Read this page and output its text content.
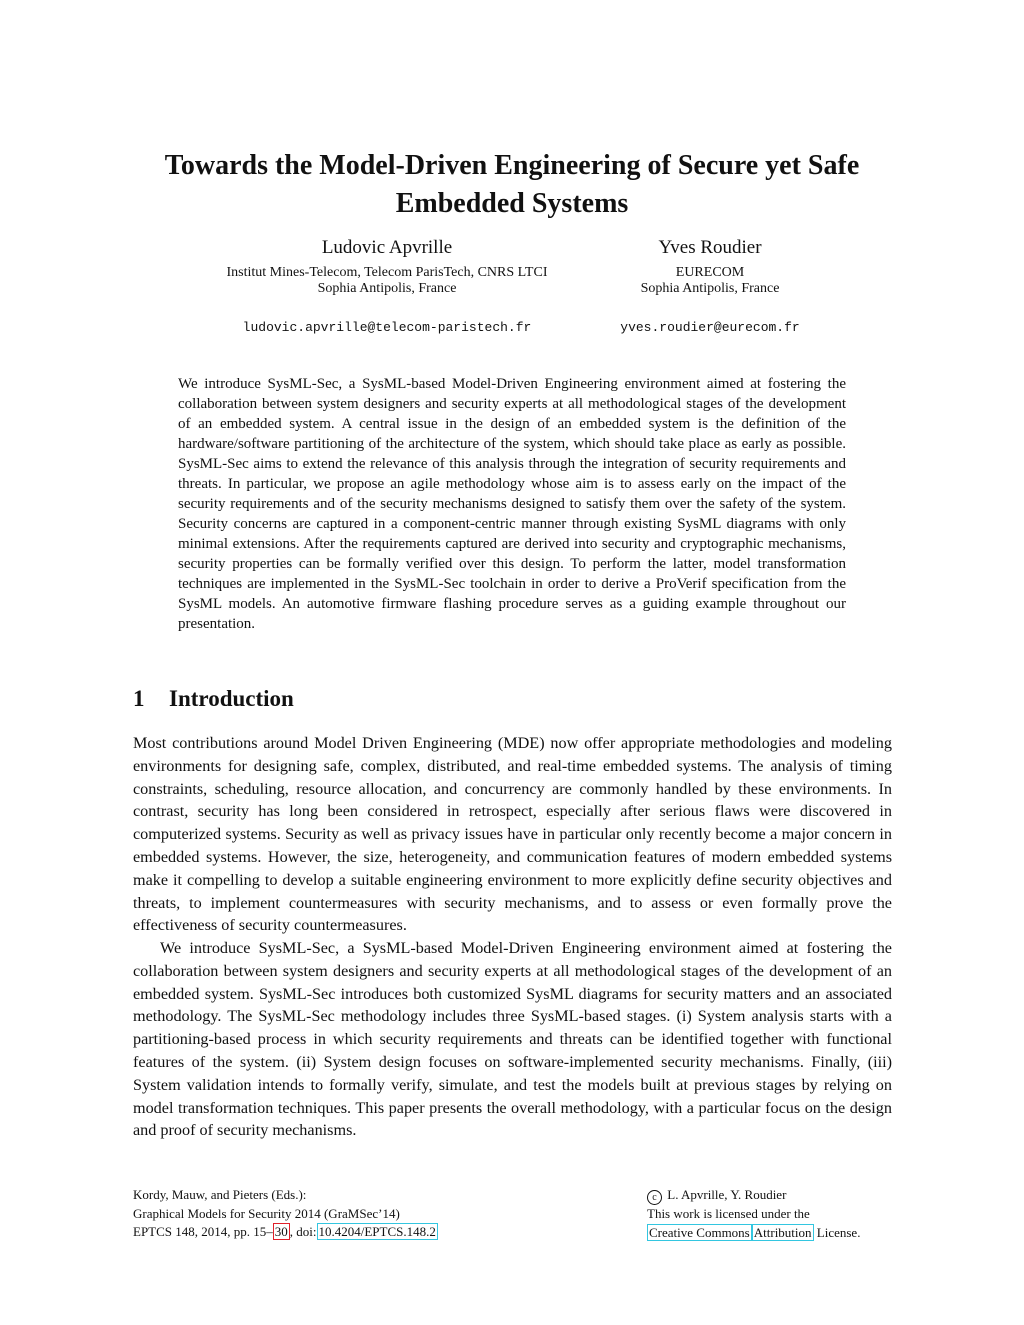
Towards the Model-Driven Engineering of Secure yet Safe Embedded Systems
Ludovic Apvrille
Institut Mines-Telecom, Telecom ParisTech, CNRS LTCI
Sophia Antipolis, France
ludovic.apvrille@telecom-paristech.fr
Yves Roudier
EURECOM
Sophia Antipolis, France
yves.roudier@eurecom.fr

We introduce SysML-Sec, a SysML-based Model-Driven Engineering environment aimed at fostering the collaboration between system designers and security experts at all methodological stages of the development of an embedded system. A central issue in the design of an embedded system is the definition of the hardware/software partitioning of the architecture of the system, which should take place as early as possible. SysML-Sec aims to extend the relevance of this analysis through the integration of security requirements and threats. In particular, we propose an agile methodology whose aim is to assess early on the impact of the security requirements and of the security mechanisms designed to satisfy them over the safety of the system. Security concerns are captured in a component-centric manner through existing SysML diagrams with only minimal extensions. After the requirements captured are derived into security and cryptographic mechanisms, security properties can be formally verified over this design. To perform the latter, model transformation techniques are implemented in the SysML-Sec toolchain in order to derive a ProVerif specification from the SysML models. An automotive firmware flashing procedure serves as a guiding example throughout our presentation.

1 Introduction

Most contributions around Model Driven Engineering (MDE) now offer appropriate methodologies and modeling environments for designing safe, complex, distributed, and real-time embedded systems. The analysis of timing constraints, scheduling, resource allocation, and concurrency are commonly handled by these environments. In contrast, security has long been considered in retrospect, especially after serious flaws were discovered in computerized systems. Security as well as privacy issues have in particular only recently become a major concern in embedded systems. However, the size, heterogeneity, and communication features of modern embedded systems make it compelling to develop a suitable engineering environment to more explicitly define security objectives and threats, to implement countermeasures with security mechanisms, and to assess or even formally prove the effectiveness of security countermeasures.

We introduce SysML-Sec, a SysML-based Model-Driven Engineering environment aimed at fostering the collaboration between system designers and security experts at all methodological stages of the development of an embedded system. SysML-Sec introduces both customized SysML diagrams for security matters and an associated methodology. The SysML-Sec methodology includes three SysML-based stages. (i) System analysis starts with a partitioning-based process in which security requirements and threats can be identified together with functional features of the system. (ii) System design focuses on software-implemented security mechanisms. Finally, (iii) System validation intends to formally verify, simulate, and test the models built at previous stages by relying on model transformation techniques. This paper presents the overall methodology, with a particular focus on the design and proof of security mechanisms.

Kordy, Mauw, and Pieters (Eds.):
Graphical Models for Security 2014 (GraMSec’14)
EPTCS 148, 2014, pp. 15– 30 , doi: 10.4204/EPTCS.148.2
c L. Apvrille, Y. Roudier
This work is licensed under the
Creative Commons Attribution License.
